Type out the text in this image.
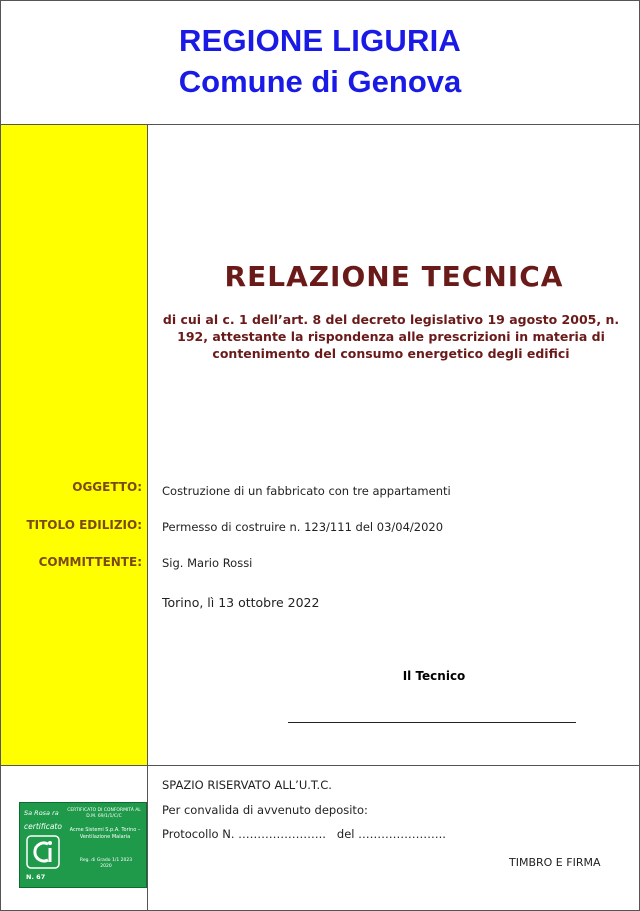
REGIONE LIGURIA
Comune di Genova
OGGETTO:
TITOLO EDILIZIO:
COMMITTENTE:
RELAZIONE TECNICA
di cui al c. 1 dell’art. 8 del decreto legislativo 19 agosto 2005, n. 192, attestante la rispondenza alle prescrizioni in materia di contenimento del consumo energetico degli edifici
Costruzione di un fabbricato con tre appartamenti
Permesso di costruire n. 123/111 del 03/04/2020
Sig. Mario Rossi
Torino, lì 13 ottobre 2022
Il Tecnico
Sa Rosa ra
certificato
CERTIFICATO DI CONFORMITÀ AL D.M. 69/1/1/C/C
Acme Sistemi S.p.A. Torino – Ventilazione Malaria
Reg. di Grado 1/1 2023 2020
N. 67
SPAZIO RISERVATO ALL’U.T.C.
Per convalida di avvenuto deposito:
Protocollo N. …………………..   del …………………..
TIMBRO E FIRMA
